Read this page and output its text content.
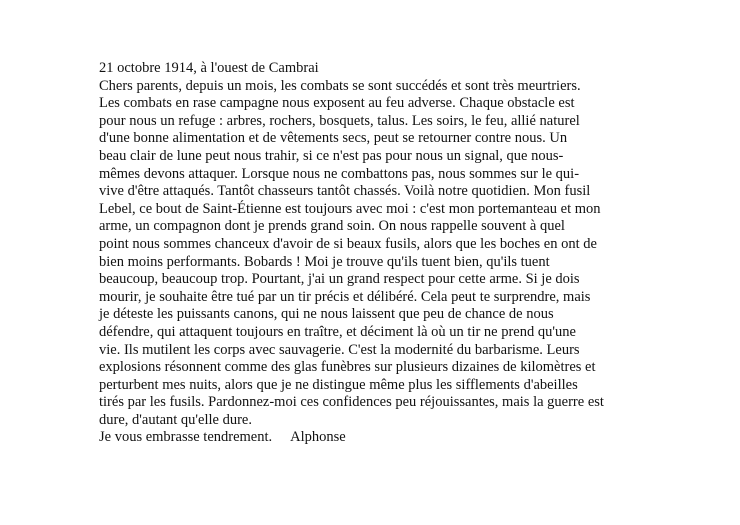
21 octobre 1914, à l'ouest de Cambrai
Chers parents, depuis un mois, les combats se sont succédés et sont très meurtriers.
Les combats en rase campagne nous exposent au feu adverse. Chaque obstacle est
pour nous un refuge : arbres, rochers, bosquets, talus. Les soirs, le feu, allié naturel
d'une bonne alimentation et de vêtements secs, peut se retourner contre nous. Un
beau clair de lune peut nous trahir, si ce n'est pas pour nous un signal, que nous-
mêmes devons attaquer. Lorsque nous ne combattons pas, nous sommes sur le qui-
vive d'être attaqués. Tantôt chasseurs tantôt chassés. Voilà notre quotidien. Mon fusil
Lebel, ce bout de Saint-Étienne est toujours avec moi : c'est mon portemanteau et mon
arme, un compagnon dont je prends grand soin. On nous rappelle souvent à quel
point nous sommes chanceux d'avoir de si beaux fusils, alors que les boches en ont de
bien moins performants. Bobards ! Moi je trouve qu'ils tuent bien, qu'ils tuent
beaucoup, beaucoup trop. Pourtant, j'ai un grand respect pour cette arme. Si je dois
mourir, je souhaite être tué par un tir précis et délibéré. Cela peut te surprendre, mais
je déteste les puissants canons, qui ne nous laissent que peu de chance de nous
défendre, qui attaquent toujours en traître, et déciment là où un tir ne prend qu'une
vie. Ils mutilent les corps avec sauvagerie. C'est la modernité du barbarisme. Leurs
explosions résonnent comme des glas funèbres sur plusieurs dizaines de kilomètres et
perturbent mes nuits, alors que je ne distingue même plus les sifflements d'abeilles
tirés par les fusils. Pardonnez-moi ces confidences peu réjouissantes, mais la guerre est
dure, d'autant qu'elle dure.
Je vous embrasse tendrement. Alphonse
